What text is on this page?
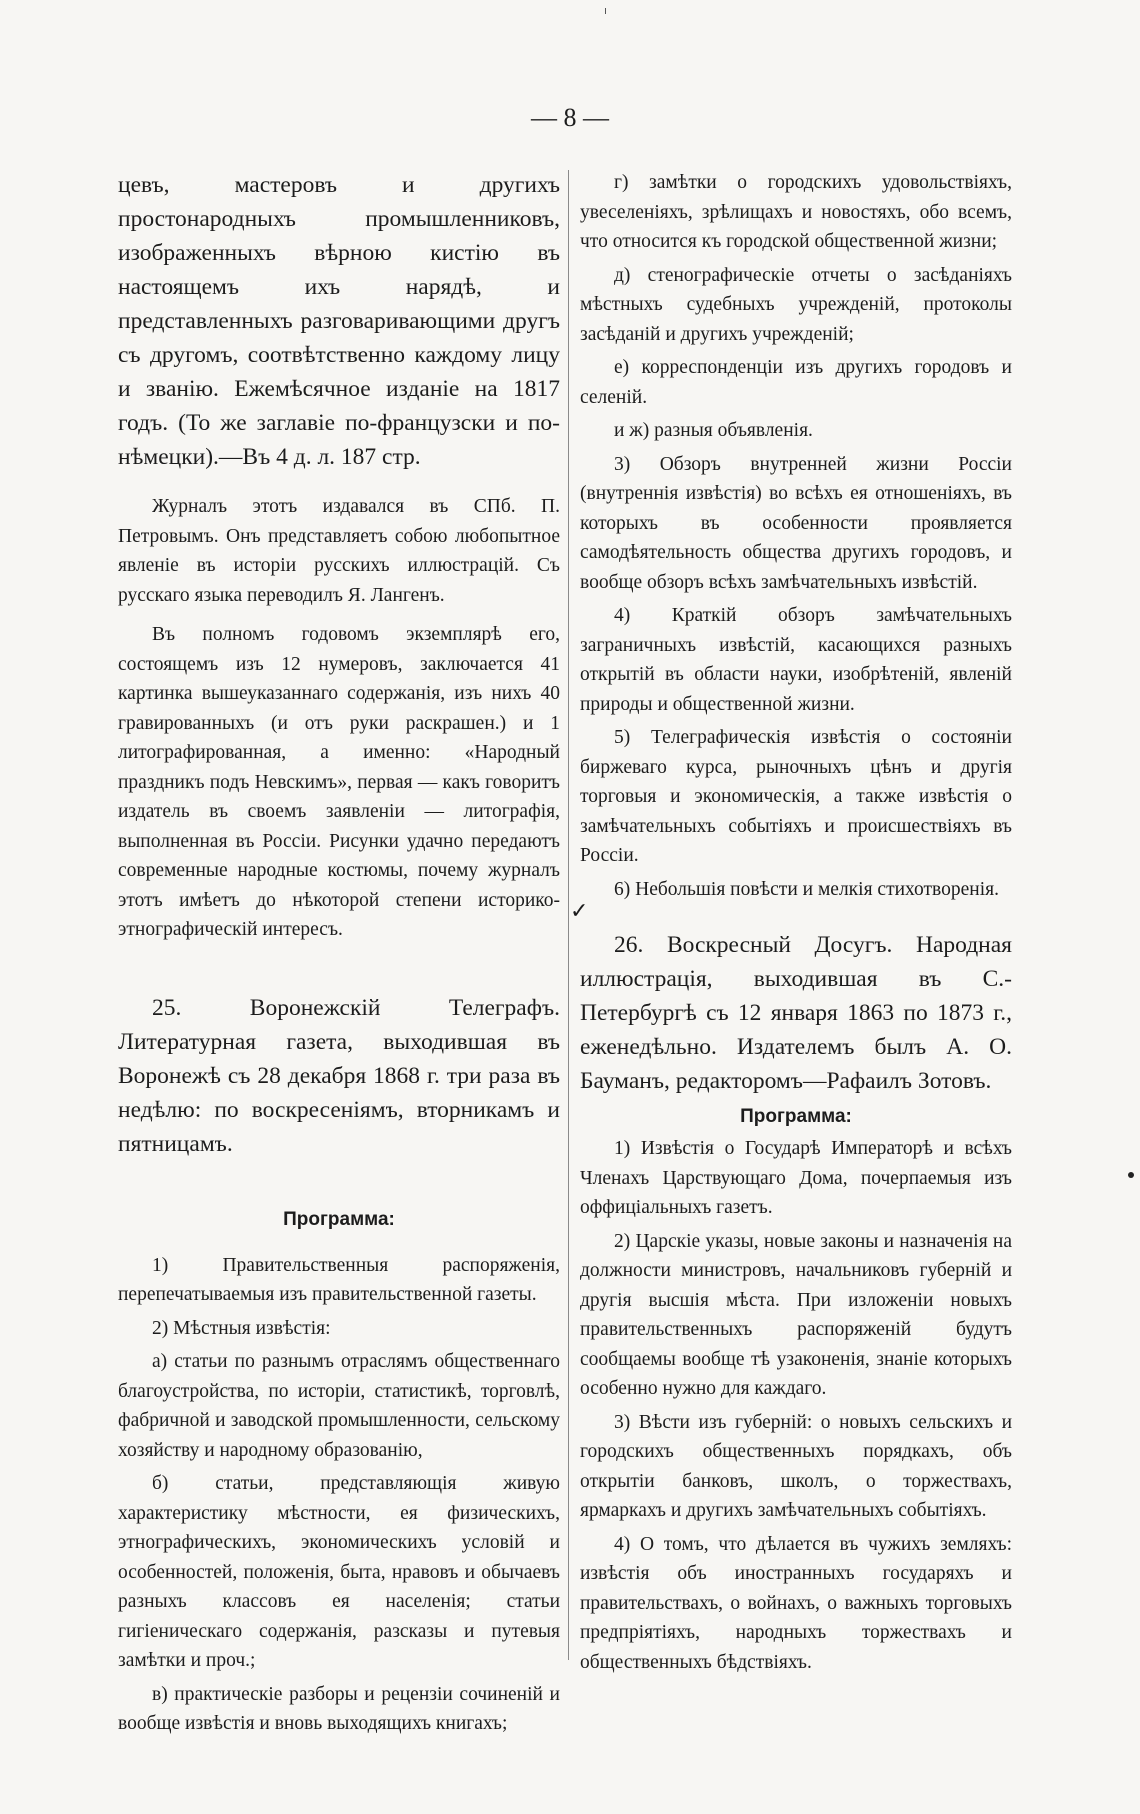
— 8 —

цевъ, мастеровъ и другихъ простонародныхъ промышленниковъ, изображенныхъ вѣрною кистію въ настоящемъ ихъ нарядѣ, и представленныхъ разговаривающими другъ съ другомъ, соотвѣтственно каждому лицу и званію. Ежемѣсячное изданіе на 1817 годъ. (То же заглавіе по-французски и по-нѣмецки).—Въ 4 д. л. 187 стр.

Журналъ этотъ издавался въ СПб. П. Петровымъ. Онъ представляетъ собою любопытное явленіе въ исторіи русскихъ иллюстрацій. Съ русскаго языка переводилъ Я. Лангенъ.

Въ полномъ годовомъ экземплярѣ его, состоящемъ изъ 12 нумеровъ, заключается 41 картинка вышеуказаннаго содержанія, изъ нихъ 40 гравированныхъ (и отъ руки раскрашен.) и 1 литографированная, а именно: «Народный праздникъ подъ Невскимъ», первая — какъ говоритъ издатель въ своемъ заявленіи — литографія, выполненная въ Россіи. Рисунки удачно передаютъ современные народные костюмы, почему журналъ этотъ имѣетъ до нѣкоторой степени историко-этнографическій интересъ.

25. Воронежскій Телеграфъ. Литературная газета, выходившая въ Воронежѣ съ 28 декабря 1868 г. три раза въ недѣлю: по воскресеніямъ, вторникамъ и пятницамъ.

Программа:

1) Правительственныя распоряженія, перепечатываемыя изъ правительственной газеты.

2) Мѣстныя извѣстія:

а) статьи по разнымъ отраслямъ общественнаго благоустройства, по исторіи, статистикѣ, торговлѣ, фабричной и заводской промышленности, сельскому хозяйству и народному образованію,

б) статьи, представляющія живую характеристику мѣстности, ея физическихъ, этнографическихъ, экономическихъ условій и особенностей, положенія, быта, нравовъ и обычаевъ разныхъ классовъ ея населенія; статьи гигіеническаго содержанія, разсказы и путевыя замѣтки и проч.;

в) практическіе разборы и рецензіи сочиненій и вообще извѣстія и вновь выходящихъ книгахъ;

г) замѣтки о городскихъ удовольствіяхъ, увеселеніяхъ, зрѣлищахъ и новостяхъ, обо всемъ, что относится къ городской общественной жизни;

д) стенографическіе отчеты о засѣданіяхъ мѣстныхъ судебныхъ учрежденій, протоколы засѣданій и другихъ учрежденій;

е) корреспонденціи изъ другихъ городовъ и селеній.

и ж) разныя объявленія.

3) Обзоръ внутренней жизни Россіи (внутреннія извѣстія) во всѣхъ ея отношеніяхъ, въ которыхъ въ особенности проявляется самодѣятельность общества другихъ городовъ, и вообще обзоръ всѣхъ замѣчательныхъ извѣстій.

4) Краткій обзоръ замѣчательныхъ заграничныхъ извѣстій, касающихся разныхъ открытій въ области науки, изобрѣтеній, явленій природы и общественной жизни.

5) Телеграфическія извѣстія о состояніи биржеваго курса, рыночныхъ цѣнъ и другія торговыя и экономическія, а также извѣстія о замѣчательныхъ событіяхъ и происшествіяхъ въ Россіи.

6) Небольшія повѣсти и мелкія стихотворенія.

26. Воскресный Досугъ. Народная иллюстрація, выходившая въ С.-Петербургѣ съ 12 января 1863 по 1873 г., еженедѣльно. Издателемъ былъ А. О. Бауманъ, редакторомъ—Рафаилъ Зотовъ.

Программа:

1) Извѣстія о Государѣ Императорѣ и всѣхъ Членахъ Царствующаго Дома, почерпаемыя изъ оффиціальныхъ газетъ.

2) Царскіе указы, новые законы и назначенія на должности министровъ, начальниковъ губерній и другія высшія мѣста. При изложеніи новыхъ правительственныхъ распоряженій будутъ сообщаемы вообще тѣ узаконенія, знаніе которыхъ особенно нужно для каждаго.

3) Вѣсти изъ губерній: о новыхъ сельскихъ и городскихъ общественныхъ порядкахъ, объ открытіи банковъ, школъ, о торжествахъ, ярмаркахъ и другихъ замѣчательныхъ событіяхъ.

4) О томъ, что дѣлается въ чужихъ земляхъ: извѣстія объ иностранныхъ государяхъ и правительствахъ, о войнахъ, о важныхъ торговыхъ предпріятіяхъ, народныхъ торжествахъ и общественныхъ бѣдствіяхъ.

✓
